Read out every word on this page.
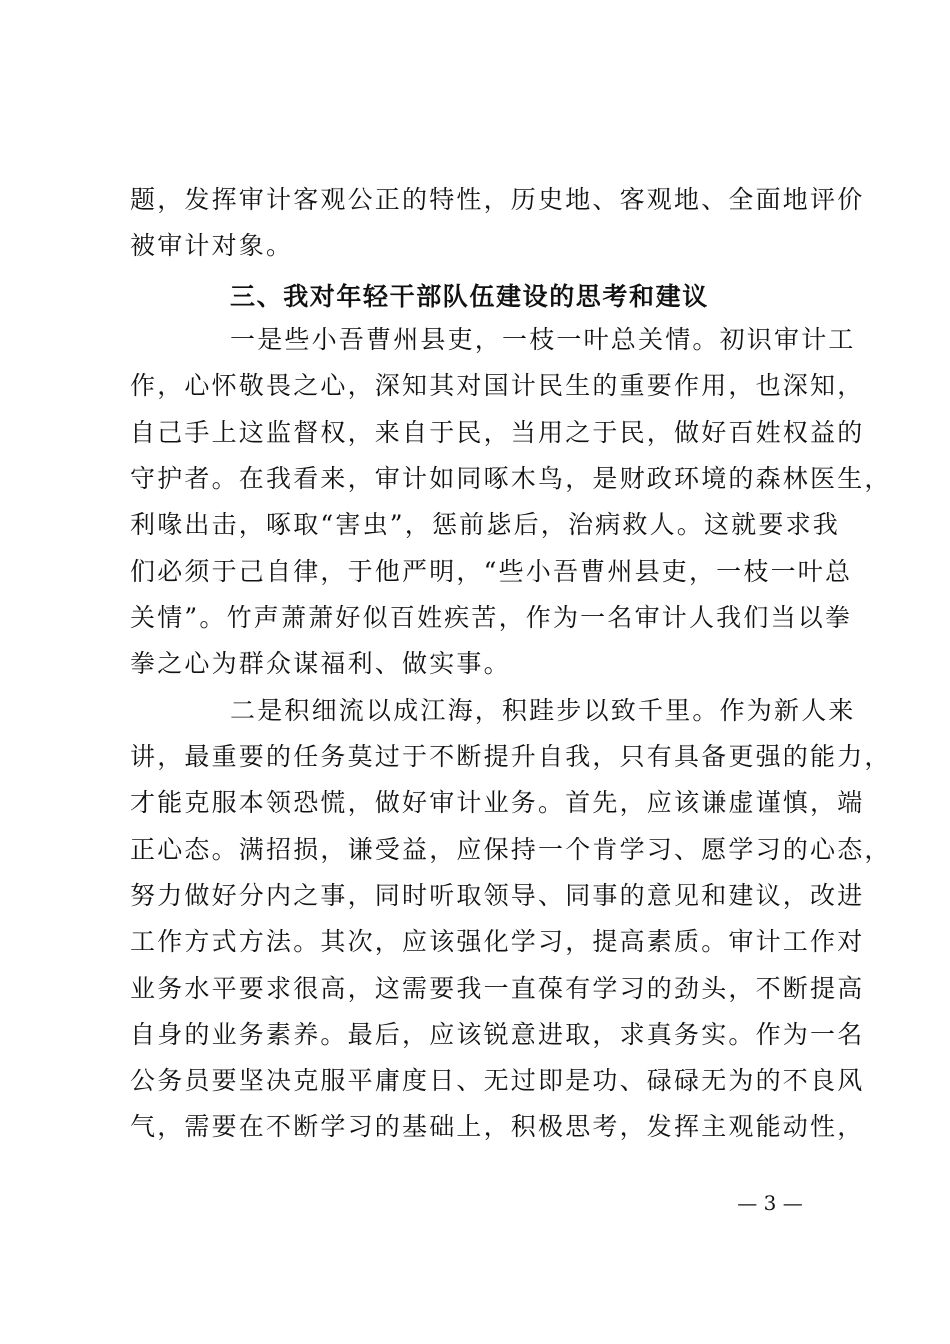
题，发挥审计客观公正的特性，历史地、客观地、全面地评价
被审计对象。
三、我对年轻干部队伍建设的思考和建议
一是些小吾曹州县吏，一枝一叶总关情。初识审计工
作，心怀敬畏之心，深知其对国计民生的重要作用，也深知，
自己手上这监督权，来自于民，当用之于民，做好百姓权益的
守护者。在我看来，审计如同啄木鸟，是财政环境的森林医生，
利喙出击，啄取“害虫”，惩前毖后，治病救人。这就要求我
们必须于己自律，于他严明，“些小吾曹州县吏，一枝一叶总
关情”。竹声萧萧好似百姓疾苦，作为一名审计人我们当以拳
拳之心为群众谋福利、做实事。
二是积细流以成江海，积跬步以致千里。作为新人来
讲，最重要的任务莫过于不断提升自我，只有具备更强的能力，
才能克服本领恐慌，做好审计业务。首先，应该谦虚谨慎，端
正心态。满招损，谦受益，应保持一个肯学习、愿学习的心态，
努力做好分内之事，同时听取领导、同事的意见和建议，改进
工作方式方法。其次，应该强化学习，提高素质。审计工作对
业务水平要求很高，这需要我一直葆有学习的劲头，不断提高
自身的业务素养。最后，应该锐意进取，求真务实。作为一名
公务员要坚决克服平庸度日、无过即是功、碌碌无为的不良风
气，需要在不断学习的基础上，积极思考，发挥主观能动性，
— 3 —
